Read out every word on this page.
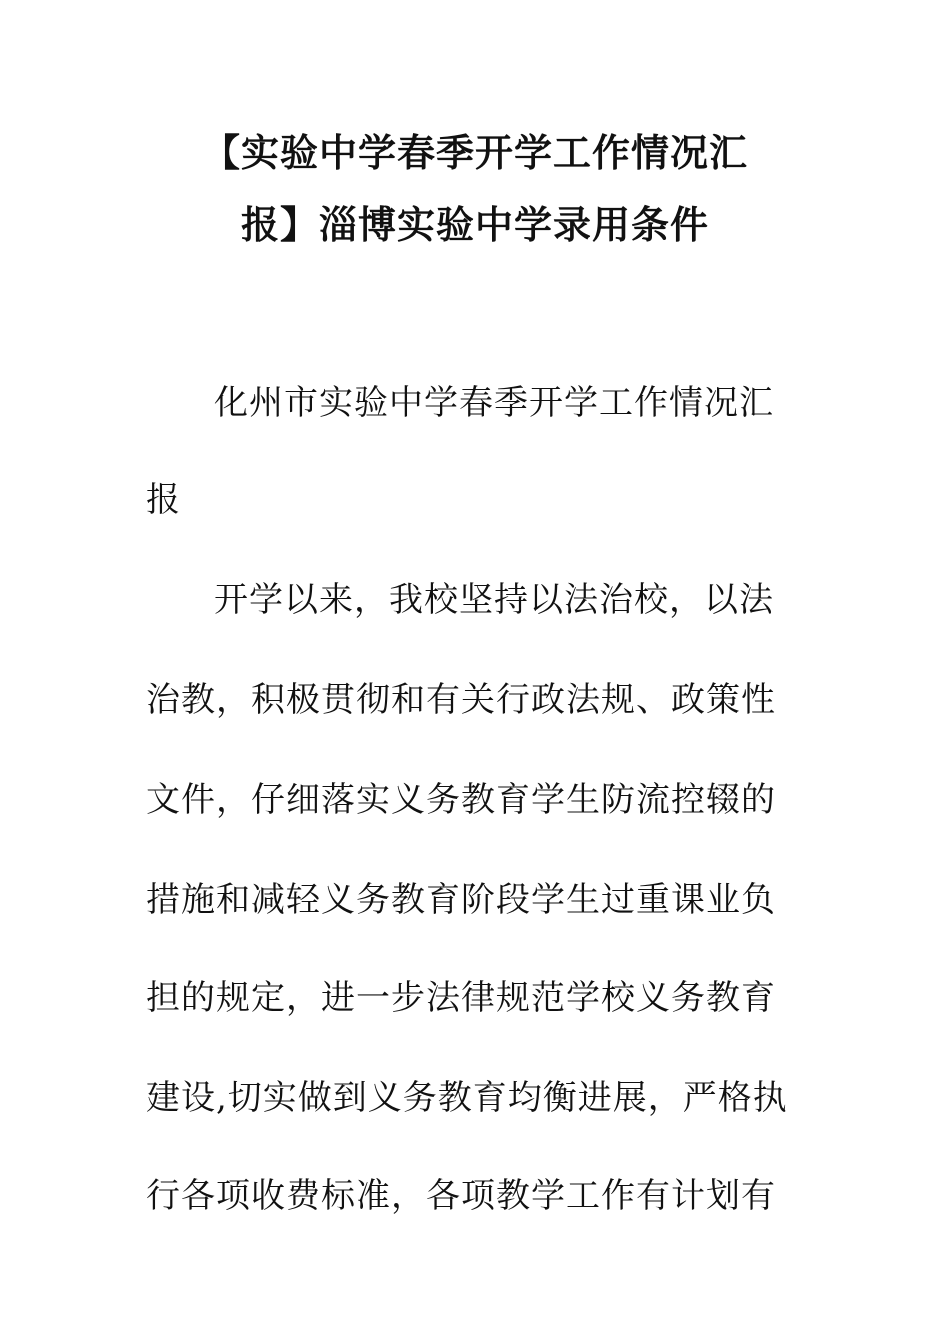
【实验中学春季开学工作情况汇
报】淄博实验中学录用条件
化州市实验中学春季开学工作情况汇
报
开学以来，我校坚持以法治校，以法
治教，积极贯彻和有关行政法规、政策性
文件，仔细落实义务教育学生防流控辍的
措施和减轻义务教育阶段学生过重课业负
担的规定，进一步法律规范学校义务教育
建设,切实做到义务教育均衡进展，严格执
行各项收费标准，各项教学工作有计划有
